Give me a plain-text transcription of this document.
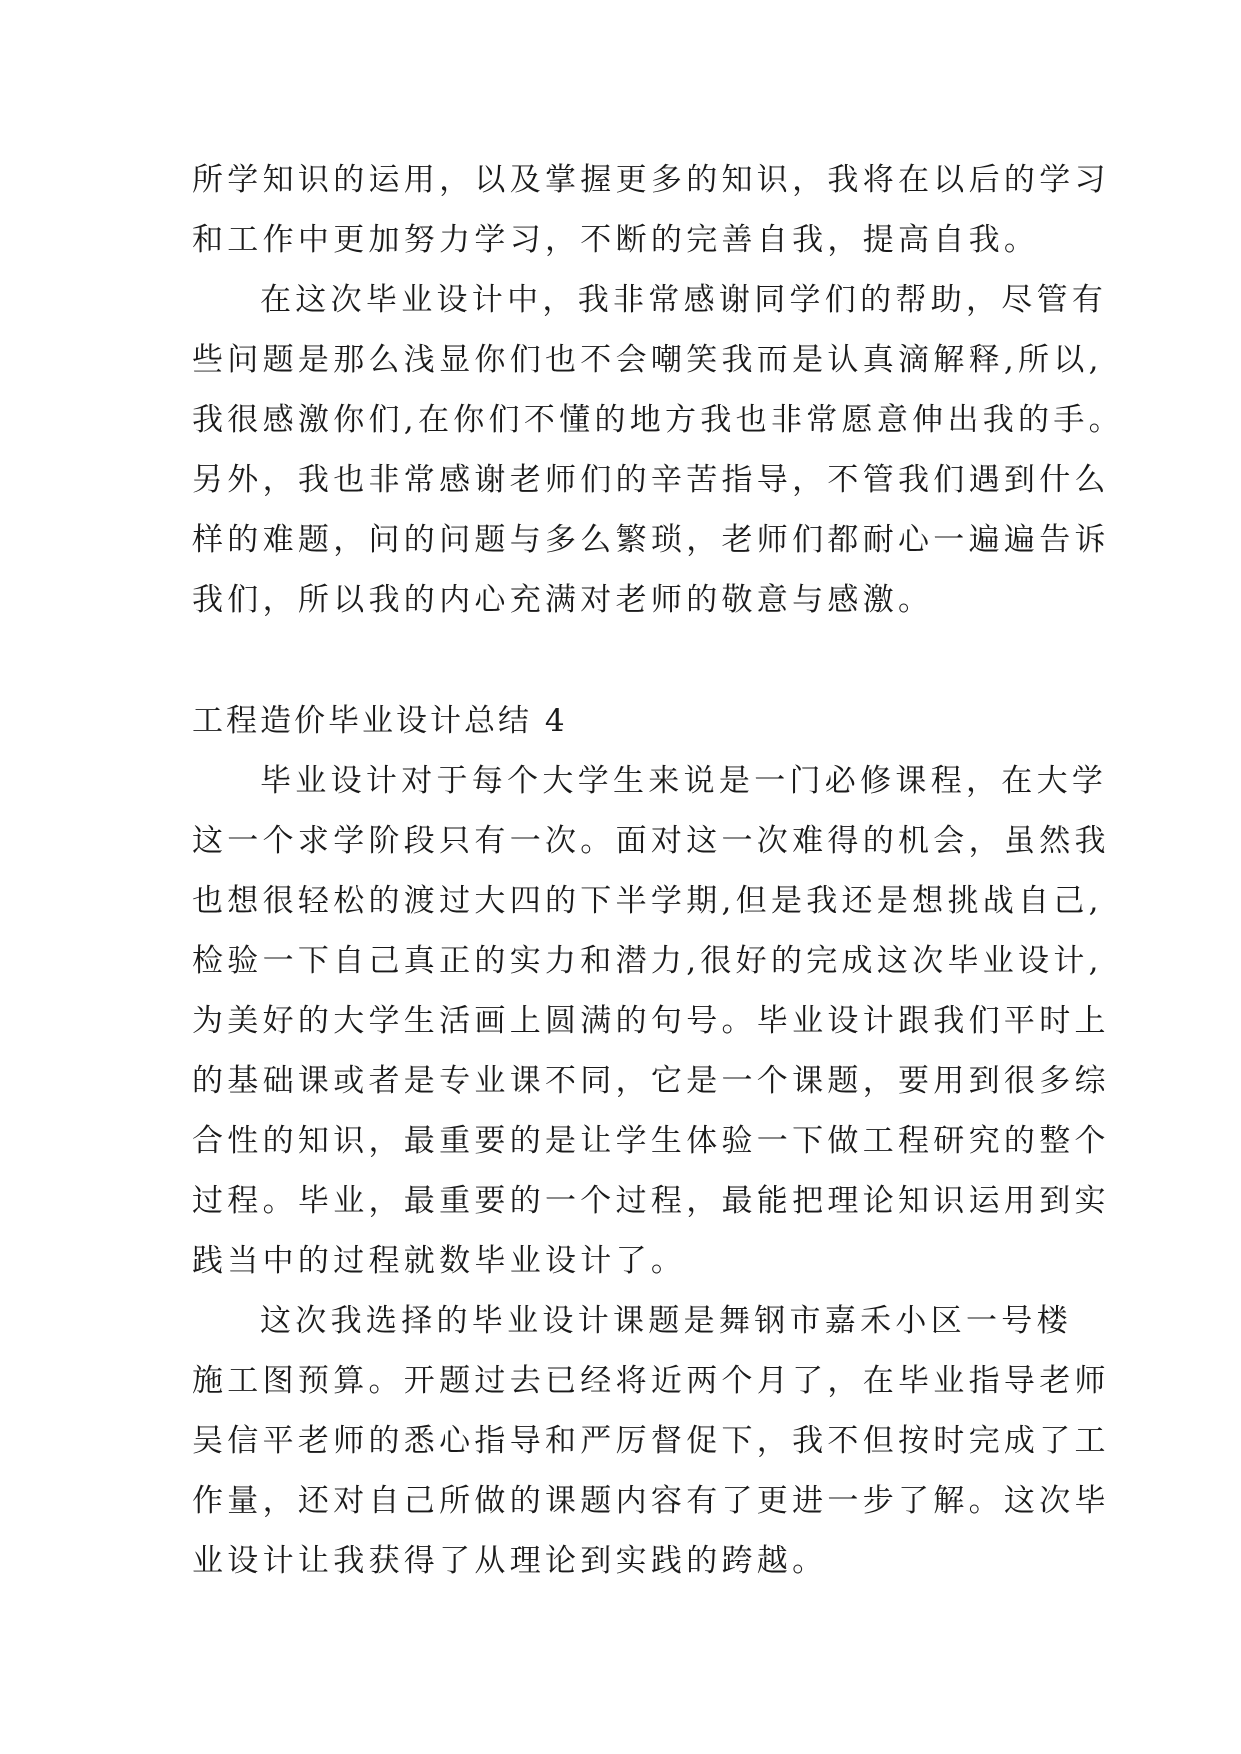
所学知识的运用，以及掌握更多的知识，我将在以后的学习
和工作中更加努力学习，不断的完善自我，提高自我。
在这次毕业设计中，我非常感谢同学们的帮助，尽管有
些问题是那么浅显你们也不会嘲笑我而是认真滴解释,所以,
我很感激你们,在你们不懂的地方我也非常愿意伸出我的手。
另外，我也非常感谢老师们的辛苦指导，不管我们遇到什么
样的难题，问的问题与多么繁琐，老师们都耐心一遍遍告诉
我们，所以我的内心充满对老师的敬意与感激。
工程造价毕业设计总结 4
毕业设计对于每个大学生来说是一门必修课程，在大学
这一个求学阶段只有一次。面对这一次难得的机会，虽然我
也想很轻松的渡过大四的下半学期,但是我还是想挑战自己,
检验一下自己真正的实力和潜力,很好的完成这次毕业设计,
为美好的大学生活画上圆满的句号。毕业设计跟我们平时上
的基础课或者是专业课不同，它是一个课题，要用到很多综
合性的知识，最重要的是让学生体验一下做工程研究的整个
过程。毕业，最重要的一个过程，最能把理论知识运用到实
践当中的过程就数毕业设计了。
这次我选择的毕业设计课题是舞钢市嘉禾小区一号楼
施工图预算。开题过去已经将近两个月了，在毕业指导老师
吴信平老师的悉心指导和严厉督促下，我不但按时完成了工
作量，还对自己所做的课题内容有了更进一步了解。这次毕
业设计让我获得了从理论到实践的跨越。
